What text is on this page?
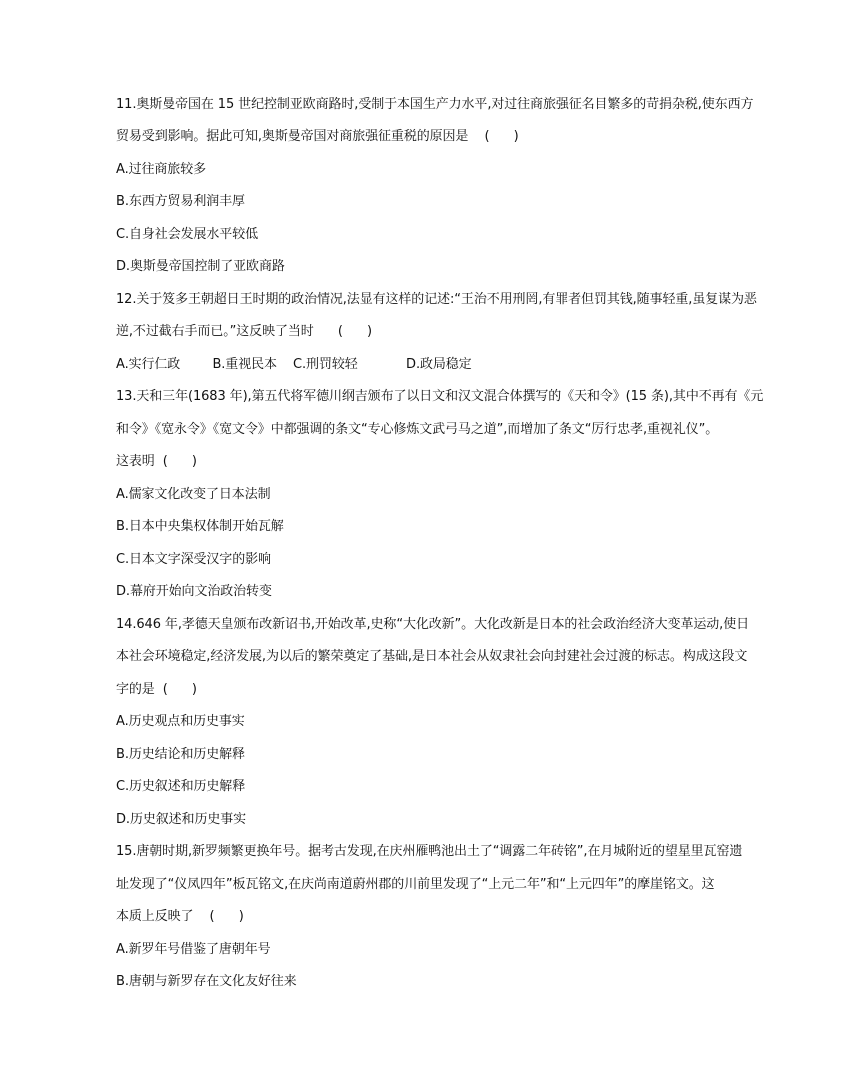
11.奥斯曼帝国在 15 世纪控制亚欧商路时,受制于本国生产力水平,对过往商旅强征名目繁多的苛捐杂税,使东西方
贸易受到影响。据此可知,奥斯曼帝国对商旅强征重税的原因是    (      )
A.过往商旅较多
B.东西方贸易利润丰厚
C.自身社会发展水平较低
D.奥斯曼帝国控制了亚欧商路
12.关于笈多王朝超日王时期的政治情况,法显有这样的记述:“王治不用刑罔,有罪者但罚其钱,随事轻重,虽复谋为恶
逆,不过截右手而已。”这反映了当时      (      )
A.实行仁政        B.重视民本    C.刑罚较轻            D.政局稳定
13.天和三年(1683 年),第五代将军德川纲吉颁布了以日文和汉文混合体撰写的《天和令》(15 条),其中不再有《元
和令》《宽永令》《宽文令》中都强调的条文“专心修炼文武弓马之道”,而增加了条文“厉行忠孝,重视礼仪”。
这表明  (      )
A.儒家文化改变了日本法制
B.日本中央集权体制开始瓦解
C.日本文字深受汉字的影响
D.幕府开始向文治政治转变
14.646 年,孝德天皇颁布改新诏书,开始改革,史称“大化改新”。大化改新是日本的社会政治经济大变革运动,使日
本社会环境稳定,经济发展,为以后的繁荣奠定了基础,是日本社会从奴隶社会向封建社会过渡的标志。构成这段文
字的是  (      )
A.历史观点和历史事实
B.历史结论和历史解释
C.历史叙述和历史解释
D.历史叙述和历史事实
15.唐朝时期,新罗频繁更换年号。据考古发现,在庆州雁鸭池出土了“调露二年砖铭”,在月城附近的望星里瓦窑遗
址发现了“仪凤四年”板瓦铭文,在庆尚南道蔚州郡的川前里发现了“上元二年”和“上元四年”的摩崖铭文。这
本质上反映了    (      )
A.新罗年号借鉴了唐朝年号
B.唐朝与新罗存在文化友好往来
